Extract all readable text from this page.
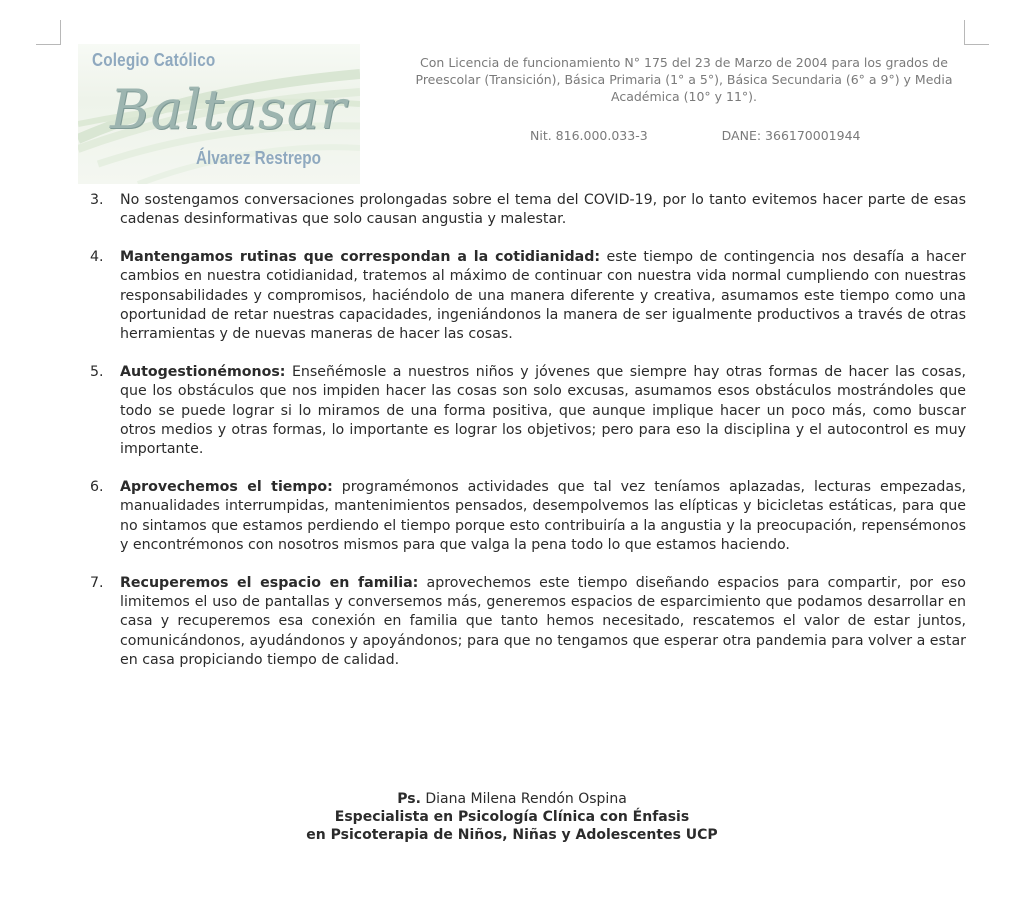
Colegio Católico
Baltasar
Álvarez Restrepo
Con Licencia de funcionamiento N° 175 del 23 de Marzo de 2004 para los grados de Preescolar (Transición), Básica Primaria (1° a 5°), Básica Secundaria (6° a 9°) y Media Académica (10° y 11°).
Nit. 816.000.033-3	DANE: 366170001944
3. No sostengamos conversaciones prolongadas sobre el tema del COVID-19, por lo tanto evitemos hacer parte de esas cadenas desinformativas que solo causan angustia y malestar.
4. Mantengamos rutinas que correspondan a la cotidianidad: este tiempo de contingencia nos desafía a hacer cambios en nuestra cotidianidad, tratemos al máximo de continuar con nuestra vida normal cumpliendo con nuestras responsabilidades y compromisos, haciéndolo de una manera diferente y creativa, asumamos este tiempo como una oportunidad de retar nuestras capacidades, ingeniándonos la manera de ser igualmente productivos a través de otras herramientas y de nuevas maneras de hacer las cosas.
5. Autogestionémonos: Enseñémosle a nuestros niños y jóvenes que siempre hay otras formas de hacer las cosas, que los obstáculos que nos impiden hacer las cosas son solo excusas, asumamos esos obstáculos mostrándoles que todo se puede lograr si lo miramos de una forma positiva, que aunque implique hacer un poco más, como buscar otros medios y otras formas, lo importante es lograr los objetivos; pero para eso la disciplina y el autocontrol es muy importante.
6. Aprovechemos el tiempo: programémonos actividades que tal vez teníamos aplazadas, lecturas empezadas, manualidades interrumpidas, mantenimientos pensados, desempolvemos las elípticas y bicicletas estáticas, para que no sintamos que estamos perdiendo el tiempo porque esto contribuiría a la angustia y la preocupación, repensémonos y encontrémonos con nosotros mismos para que valga la pena todo lo que estamos haciendo.
7. Recuperemos el espacio en familia: aprovechemos este tiempo diseñando espacios para compartir, por eso limitemos el uso de pantallas y conversemos más, generemos espacios de esparcimiento que podamos desarrollar en casa y recuperemos esa conexión en familia que tanto hemos necesitado, rescatemos el valor de estar juntos, comunicándonos, ayudándonos y apoyándonos; para que no tengamos que esperar otra pandemia para volver a estar en casa propiciando tiempo de calidad.
Ps. Diana Milena Rendón Ospina
Especialista en Psicología Clínica con Énfasis
en Psicoterapia de Niños, Niñas y Adolescentes UCP
